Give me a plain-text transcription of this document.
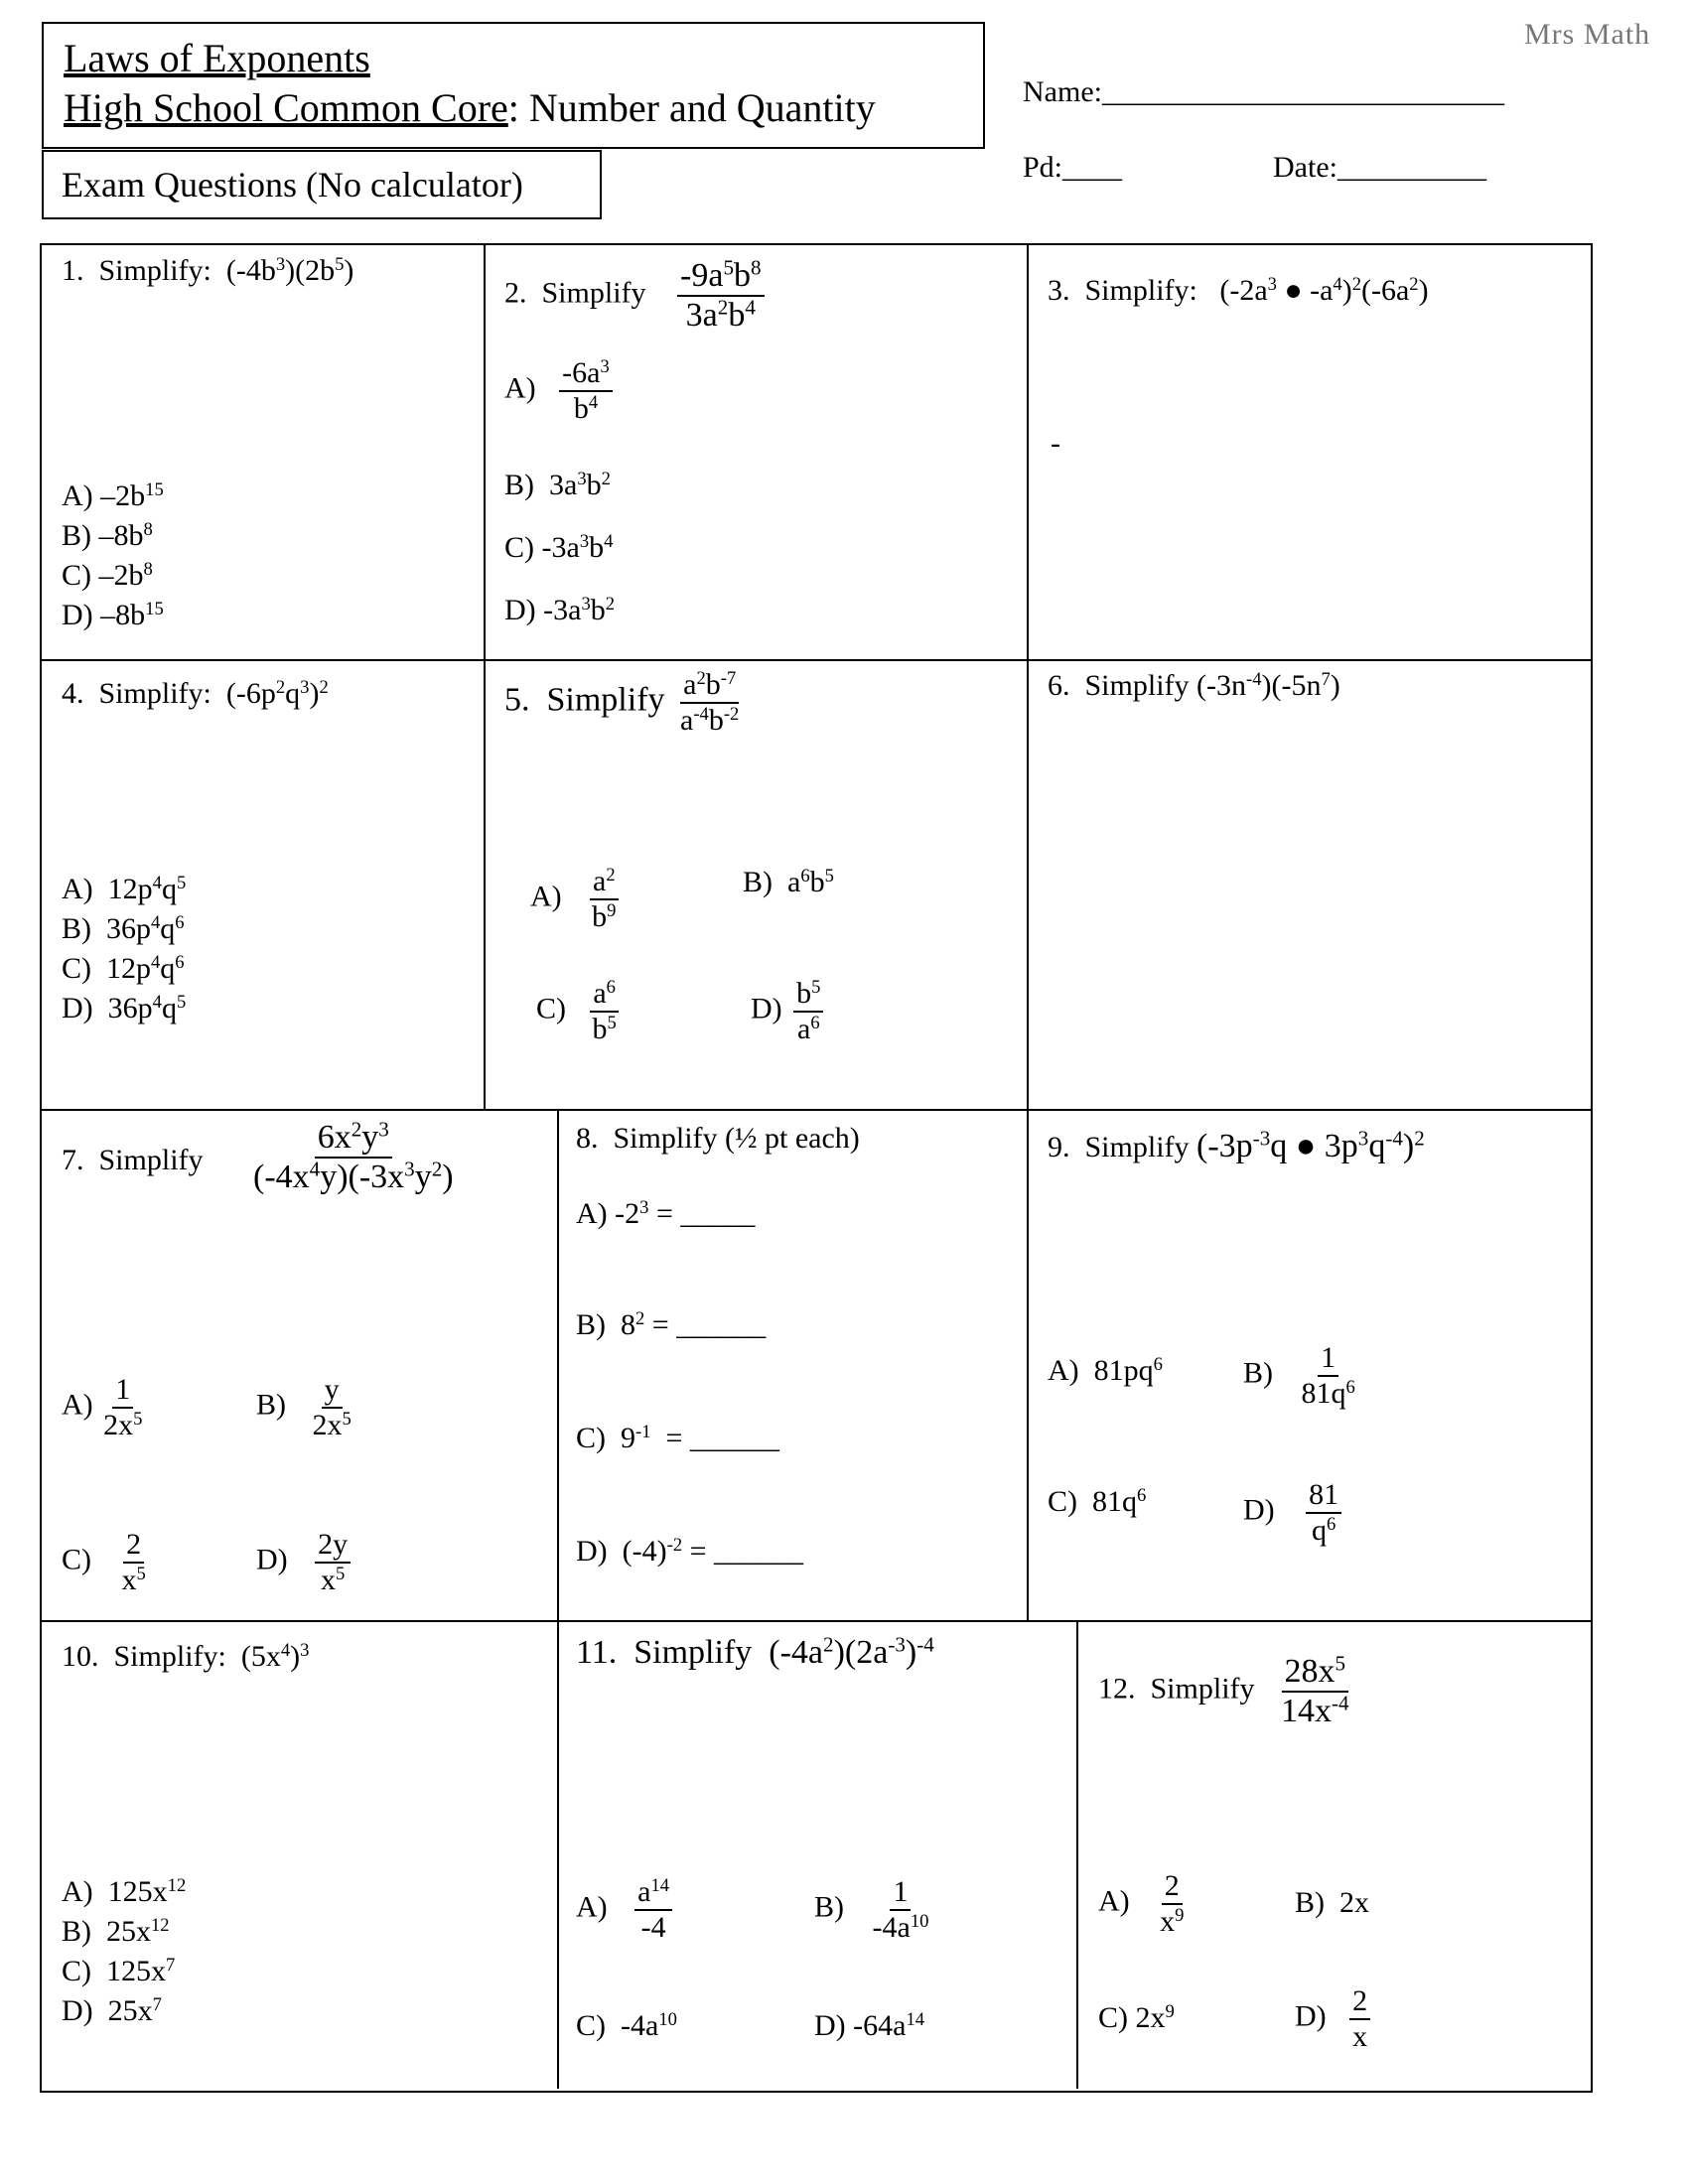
Mrs Math
Laws of Exponents
High School Common Core: Number and Quantity
Exam Questions (No calculator)
Name:___________________________
Pd:____	Date:__________
1. Simplify: $(-4b^3)(2b^5)$
A) $-2b^{15}$
B) $-8b^8$
C) $-2b^8$
D) $-8b^{15}$
2. Simplify $\frac{-9a^5b^8}{3a^2b^4}$
$A) \frac{-6a^3}{b^4}$
B)  $3a^3b^2$
C) $-3a^3b^4$
D) $-3a^3b^2$
3. Simplify: ($-2a^3$ ● $-a^4)^2(-6a^2)$
-
4. Simplify: $(-6p^2q^3)^2$
A)  $12p^4q^5$
B)  $36p^4q^6$
C)  $12p^4q^6$
D)  $36p^4q^5$
5. Simplify $\frac{a^2b^{-7}}{a^{-4}b^{-2}}$
$A) \frac{a^2}{b^9}$	B)  $a^6b^5$
$C) \frac{a^6}{b^5}$	$D) \frac{b^5}{a^6}$
6. Simplify $(-3n^{-4})(-5n^7)$
7. Simplify $\frac{6x^2y^3}{(-4x^4y)(-3x^3y^2)}$
$A) \frac{1}{2x^5}$	$B) \frac{y}{2x^5}$
$C) \frac{2}{x^5}$	$D) \frac{2y}{x^5}$
8. Simplify (½ pt each)
A) $-2^3$ = _____
B)  $8^2$ = ______
C)  $9^{-1}$  = ______
D)  $(-4)^{-2}$ = ______
9. Simplify ($-3p^{-3}q$ ● $3p^3q^{-4})^2$
A)  $81pq^6$	$B) \frac{1}{81q^6}$
C)  $81q^6$	$D) \frac{81}{q^6}$
10. Simplify: $(5x^4)^3$
A)  $125x^{12}$
B)  $25x^{12}$
C)  $125x^7$
D)  $25x^7$
11. Simplify $(-4a^2)(2a^{-3})^{-4}$
$A) \frac{a^{14}}{-4}$	$B) \frac{1}{-4a^{10}}$
C)  $-4a^{10}$	D) $-64a^{14}$
12. Simplify $\frac{28x^5}{14x^{-4}}$
$A) \frac{2}{x^9}$	B)  2x
C) $2x^9$	$D) \frac{2}{x}$
